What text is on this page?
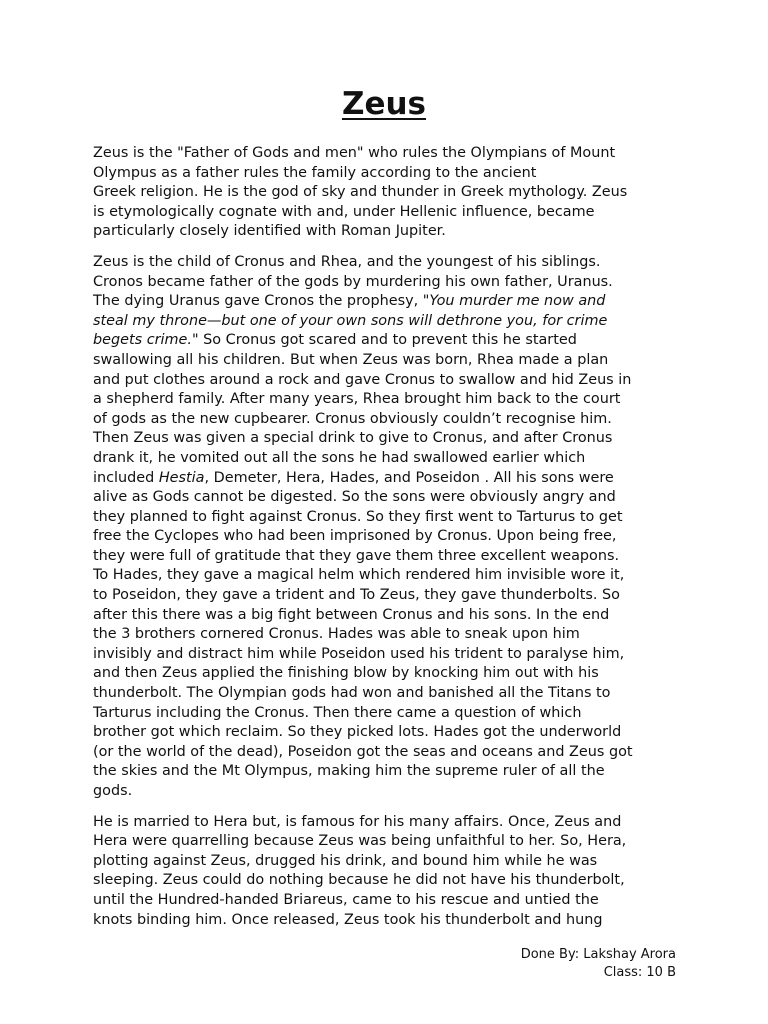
Zeus

Zeus is the "Father of Gods and men" who rules the Olympians of Mount
Olympus as a father rules the family according to the ancient
Greek religion. He is the god of sky and thunder in Greek mythology. Zeus
is etymologically cognate with and, under Hellenic influence, became
particularly closely identified with Roman Jupiter.

Zeus is the child of Cronus and Rhea, and the youngest of his siblings.
Cronos became father of the gods by murdering his own father, Uranus.
The dying Uranus gave Cronos the prophesy, "You murder me now and
steal my throne—but one of your own sons will dethrone you, for crime
begets crime." So Cronus got scared and to prevent this he started
swallowing all his children. But when Zeus was born, Rhea made a plan
and put clothes around a rock and gave Cronus to swallow and hid Zeus in
a shepherd family. After many years, Rhea brought him back to the court
of gods as the new cupbearer. Cronus obviously couldn’t recognise him.
Then Zeus was given a special drink to give to Cronus, and after Cronus
drank it, he vomited out all the sons he had swallowed earlier which
included Hestia, Demeter, Hera, Hades, and Poseidon . All his sons were
alive as Gods cannot be digested. So the sons were obviously angry and
they planned to fight against Cronus. So they first went to Tarturus to get
free the Cyclopes who had been imprisoned by Cronus. Upon being free,
they were full of gratitude that they gave them three excellent weapons.
To Hades, they gave a magical helm which rendered him invisible wore it,
to Poseidon, they gave a trident and To Zeus, they gave thunderbolts. So
after this there was a big fight between Cronus and his sons. In the end
the 3 brothers cornered Cronus. Hades was able to sneak upon him
invisibly and distract him while Poseidon used his trident to paralyse him,
and then Zeus applied the finishing blow by knocking him out with his
thunderbolt. The Olympian gods had won and banished all the Titans to
Tarturus including the Cronus. Then there came a question of which
brother got which reclaim. So they picked lots. Hades got the underworld
(or the world of the dead), Poseidon got the seas and oceans and Zeus got
the skies and the Mt Olympus, making him the supreme ruler of all the
gods.

He is married to Hera but, is famous for his many affairs. Once, Zeus and
Hera were quarrelling because Zeus was being unfaithful to her. So, Hera,
plotting against Zeus, drugged his drink, and bound him while he was
sleeping. Zeus could do nothing because he did not have his thunderbolt,
until the Hundred-handed Briareus, came to his rescue and untied the
knots binding him. Once released, Zeus took his thunderbolt and hung

Done By: Lakshay Arora
Class: 10 B
